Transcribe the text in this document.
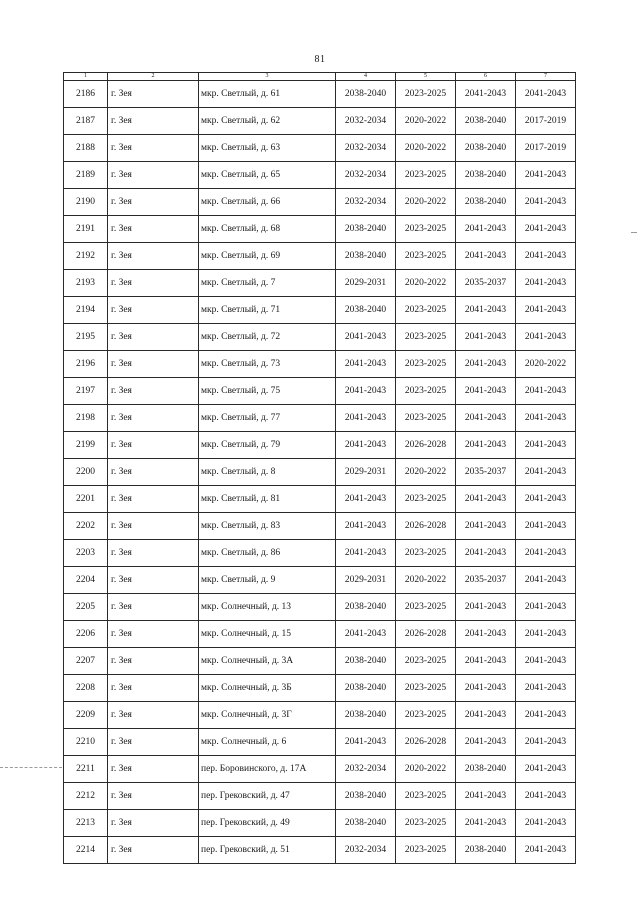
81
1	2	3	4	5	6	7
2186	г. Зея	мкр. Светлый, д. 61	2038-2040	2023-2025	2041-2043	2041-2043
2187	г. Зея	мкр. Светлый, д. 62	2032-2034	2020-2022	2038-2040	2017-2019
2188	г. Зея	мкр. Светлый, д. 63	2032-2034	2020-2022	2038-2040	2017-2019
2189	г. Зея	мкр. Светлый, д. 65	2032-2034	2023-2025	2038-2040	2041-2043
2190	г. Зея	мкр. Светлый, д. 66	2032-2034	2020-2022	2038-2040	2041-2043
2191	г. Зея	мкр. Светлый, д. 68	2038-2040	2023-2025	2041-2043	2041-2043
2192	г. Зея	мкр. Светлый, д. 69	2038-2040	2023-2025	2041-2043	2041-2043
2193	г. Зея	мкр. Светлый, д. 7	2029-2031	2020-2022	2035-2037	2041-2043
2194	г. Зея	мкр. Светлый, д. 71	2038-2040	2023-2025	2041-2043	2041-2043
2195	г. Зея	мкр. Светлый, д. 72	2041-2043	2023-2025	2041-2043	2041-2043
2196	г. Зея	мкр. Светлый, д. 73	2041-2043	2023-2025	2041-2043	2020-2022
2197	г. Зея	мкр. Светлый, д. 75	2041-2043	2023-2025	2041-2043	2041-2043
2198	г. Зея	мкр. Светлый, д. 77	2041-2043	2023-2025	2041-2043	2041-2043
2199	г. Зея	мкр. Светлый, д. 79	2041-2043	2026-2028	2041-2043	2041-2043
2200	г. Зея	мкр. Светлый, д. 8	2029-2031	2020-2022	2035-2037	2041-2043
2201	г. Зея	мкр. Светлый, д. 81	2041-2043	2023-2025	2041-2043	2041-2043
2202	г. Зея	мкр. Светлый, д. 83	2041-2043	2026-2028	2041-2043	2041-2043
2203	г. Зея	мкр. Светлый, д. 86	2041-2043	2023-2025	2041-2043	2041-2043
2204	г. Зея	мкр. Светлый, д. 9	2029-2031	2020-2022	2035-2037	2041-2043
2205	г. Зея	мкр. Солнечный, д. 13	2038-2040	2023-2025	2041-2043	2041-2043
2206	г. Зея	мкр. Солнечный, д. 15	2041-2043	2026-2028	2041-2043	2041-2043
2207	г. Зея	мкр. Солнечный, д. 3А	2038-2040	2023-2025	2041-2043	2041-2043
2208	г. Зея	мкр. Солнечный, д. 3Б	2038-2040	2023-2025	2041-2043	2041-2043
2209	г. Зея	мкр. Солнечный, д. 3Г	2038-2040	2023-2025	2041-2043	2041-2043
2210	г. Зея	мкр. Солнечный, д. 6	2041-2043	2026-2028	2041-2043	2041-2043
2211	г. Зея	пер. Боровинского, д. 17А	2032-2034	2020-2022	2038-2040	2041-2043
2212	г. Зея	пер. Грековский, д. 47	2038-2040	2023-2025	2041-2043	2041-2043
2213	г. Зея	пер. Грековский, д. 49	2038-2040	2023-2025	2041-2043	2041-2043
2214	г. Зея	пер. Грековский, д. 51	2032-2034	2023-2025	2038-2040	2041-2043
